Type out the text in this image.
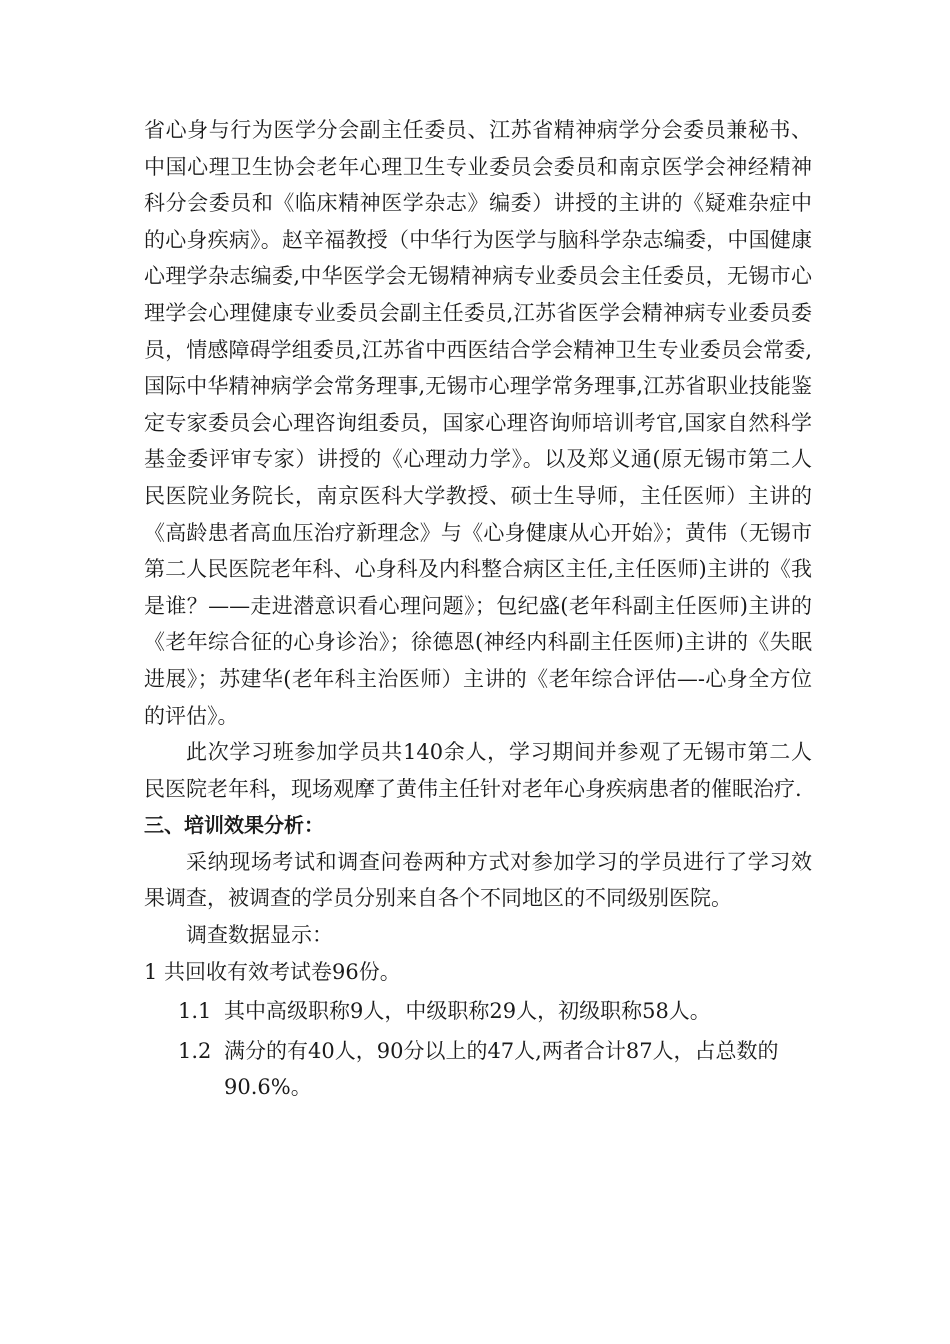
省心身与行为医学分会副主任委员、江苏省精神病学分会委员兼秘书、中国心理卫生协会老年心理卫生专业委员会委员和南京医学会神经精神科分会委员和《临床精神医学杂志》编委）讲授的主讲的《疑难杂症中的心身疾病》。赵辛福教授（中华行为医学与脑科学杂志编委，中国健康心理学杂志编委,中华医学会无锡精神病专业委员会主任委员，无锡市心理学会心理健康专业委员会副主任委员,江苏省医学会精神病专业委员委员，情感障碍学组委员,江苏省中西医结合学会精神卫生专业委员会常委,国际中华精神病学会常务理事,无锡市心理学常务理事,江苏省职业技能鉴定专家委员会心理咨询组委员，国家心理咨询师培训考官,国家自然科学基金委评审专家）讲授的《心理动力学》。以及郑义通(原无锡市第二人民医院业务院长，南京医科大学教授、硕士生导师，主任医师）主讲的《高龄患者高血压治疗新理念》与《心身健康从心开始》；黄伟（无锡市第二人民医院老年科、心身科及内科整合病区主任,主任医师)主讲的《我是谁？——走进潜意识看心理问题》；包纪盛(老年科副主任医师)主讲的《老年综合征的心身诊治》；徐德恩(神经内科副主任医师)主讲的《失眠进展》；苏建华(老年科主治医师）主讲的《老年综合评估—-心身全方位的评估》。

此次学习班参加学员共140余人，学习期间并参观了无锡市第二人民医院老年科，现场观摩了黄伟主任针对老年心身疾病患者的催眠治疗.

三、培训效果分析：

采纳现场考试和调查问卷两种方式对参加学习的学员进行了学习效果调查，被调查的学员分别来自各个不同地区的不同级别医院。

调查数据显示：

1 共回收有效考试卷96份。
1.1 其中高级职称9人，中级职称29人，初级职称58人。
1.2 满分的有40人，90分以上的47人,两者合计87人，占总数的90.6%。
